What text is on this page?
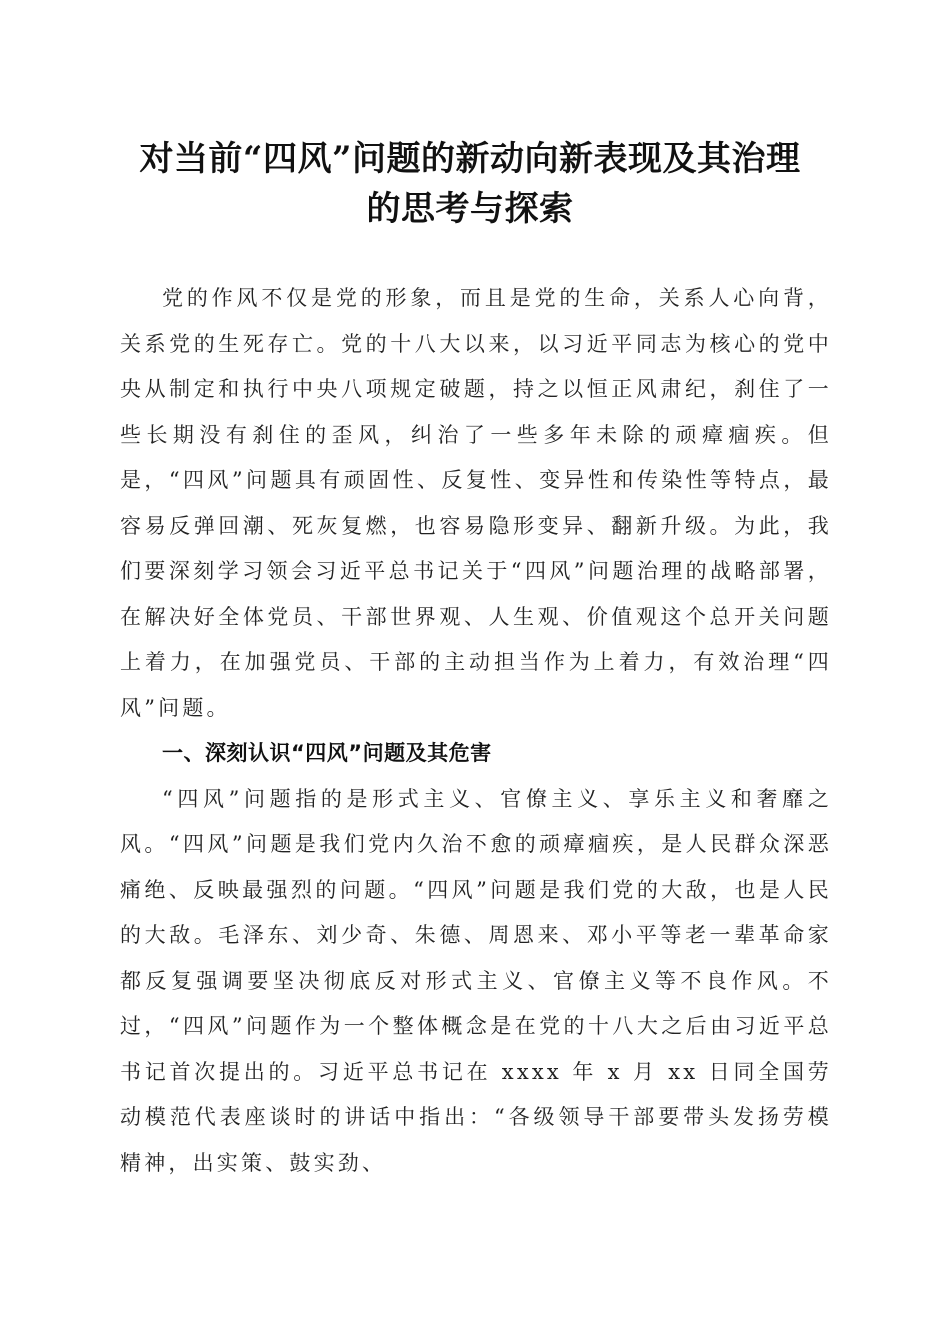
对当前“四风”问题的新动向新表现及其治理
的思考与探索

党的作风不仅是党的形象，而且是党的生命，关系人心向背，关系党的生死存亡。党的十八大以来，以习近平同志为核心的党中央从制定和执行中央八项规定破题，持之以恒正风肃纪，刹住了一些长期没有刹住的歪风，纠治了一些多年未除的顽瘴痼疾。但是，“四风”问题具有顽固性、反复性、变异性和传染性等特点，最容易反弹回潮、死灰复燃，也容易隐形变异、翻新升级。为此，我们要深刻学习领会习近平总书记关于“四风”问题治理的战略部署，在解决好全体党员、干部世界观、人生观、价值观这个总开关问题上着力，在加强党员、干部的主动担当作为上着力，有效治理“四风”问题。

一、深刻认识“四风”问题及其危害

“四风”问题指的是形式主义、官僚主义、享乐主义和奢靡之风。“四风”问题是我们党内久治不愈的顽瘴痼疾，是人民群众深恶痛绝、反映最强烈的问题。“四风”问题是我们党的大敌，也是人民的大敌。毛泽东、刘少奇、朱德、周恩来、邓小平等老一辈革命家都反复强调要坚决彻底反对形式主义、官僚主义等不良作风。不过，“四风”问题作为一个整体概念是在党的十八大之后由习近平总书记首次提出的。习近平总书记在 xxxx 年 x 月 xx 日同全国劳动模范代表座谈时的讲话中指出：“各级领导干部要带头发扬劳模精神，出实策、鼓实劲、
